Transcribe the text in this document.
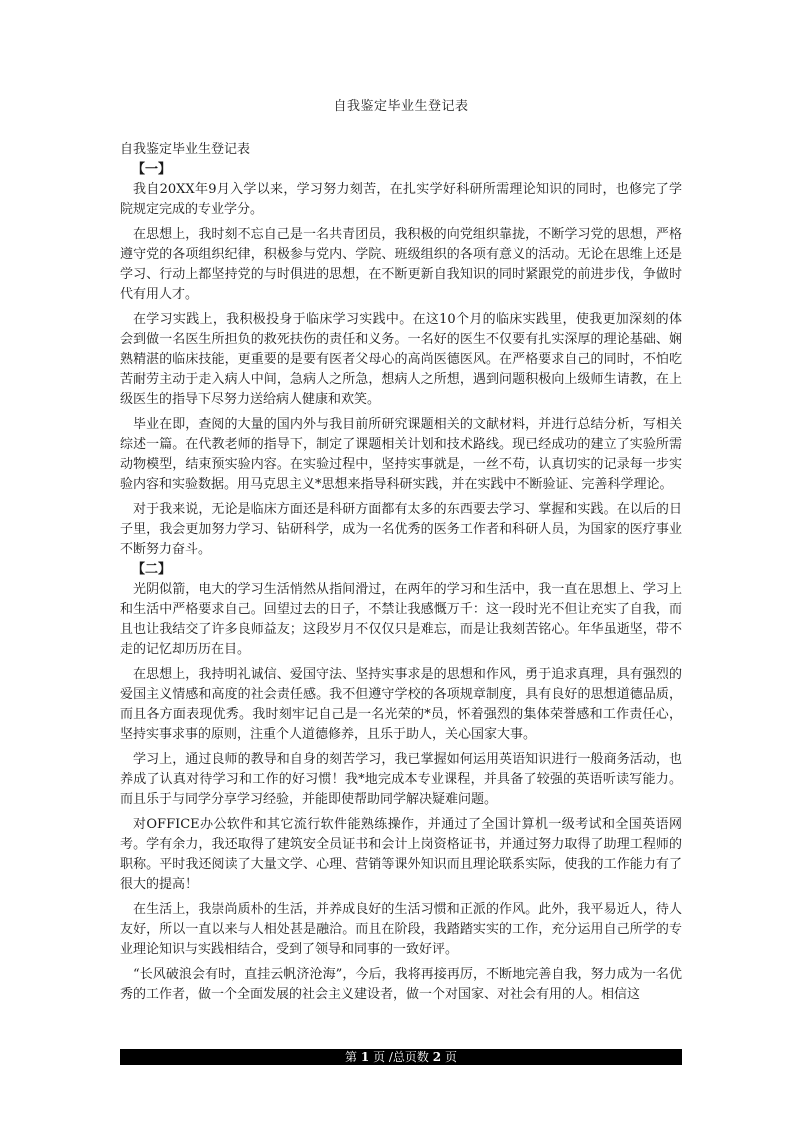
自我鉴定毕业生登记表

自我鉴定毕业生登记表

【一】

我自20XX年9月入学以来，学习努力刻苦，在扎实学好科研所需理论知识的同时，也修完了学院规定完成的专业学分。

在思想上，我时刻不忘自己是一名共青团员，我积极的向党组织靠拢，不断学习党的思想，严格遵守党的各项组织纪律，积极参与党内、学院、班级组织的各项有意义的活动。无论在思维上还是学习、行动上都坚持党的与时俱进的思想，在不断更新自我知识的同时紧跟党的前进步伐，争做时代有用人才。

在学习实践上，我积极投身于临床学习实践中。在这10个月的临床实践里，使我更加深刻的体会到做一名医生所担负的救死扶伤的责任和义务。一名好的医生不仅要有扎实深厚的理论基础、娴熟精湛的临床技能，更重要的是要有医者父母心的高尚医德医风。在严格要求自己的同时，不怕吃苦耐劳主动于走入病人中间，急病人之所急，想病人之所想，遇到问题积极向上级师生请教，在上级医生的指导下尽努力送给病人健康和欢笑。

毕业在即，查阅的大量的国内外与我目前所研究课题相关的文献材料，并进行总结分析，写相关综述一篇。在代教老师的指导下，制定了课题相关计划和技术路线。现已经成功的建立了实验所需动物模型，结束预实验内容。在实验过程中，坚持实事就是，一丝不苟，认真切实的记录每一步实验内容和实验数据。用马克思主义*思想来指导科研实践，并在实践中不断验证、完善科学理论。

对于我来说，无论是临床方面还是科研方面都有太多的东西要去学习、掌握和实践。在以后的日子里，我会更加努力学习、钻研科学，成为一名优秀的医务工作者和科研人员，为国家的医疗事业不断努力奋斗。

【二】

光阴似箭，电大的学习生活悄然从指间滑过，在两年的学习和生活中，我一直在思想上、学习上和生活中严格要求自己。回望过去的日子，不禁让我感慨万千：这一段时光不但让充实了自我，而且也让我结交了许多良师益友；这段岁月不仅仅只是难忘，而是让我刻苦铭心。年华虽逝坚，带不走的记忆却历历在目。

在思想上，我持明礼诚信、爱国守法、坚持实事求是的思想和作风，勇于追求真理，具有强烈的爱国主义情感和高度的社会责任感。我不但遵守学校的各项规章制度，具有良好的思想道德品质，而且各方面表现优秀。我时刻牢记自己是一名光荣的*员，怀着强烈的集体荣誉感和工作责任心，坚持实事求事的原则，注重个人道德修养，且乐于助人，关心国家大事。

学习上，通过良师的教导和自身的刻苦学习，我已掌握如何运用英语知识进行一般商务活动，也养成了认真对待学习和工作的好习惯！我*地完成本专业课程，并具备了较强的英语听读写能力。而且乐于与同学分享学习经验，并能即使帮助同学解决疑难问题。

对OFFICE办公软件和其它流行软件能熟练操作，并通过了全国计算机一级考试和全国英语网考。学有余力，我还取得了建筑安全员证书和会计上岗资格证书，并通过努力取得了助理工程师的职称。平时我还阅读了大量文学、心理、营销等课外知识而且理论联系实际，使我的工作能力有了很大的提高！

在生活上，我崇尚质朴的生活，并养成良好的生活习惯和正派的作风。此外，我平易近人，待人友好，所以一直以来与人相处甚是融洽。而且在阶段，我踏踏实实的工作，充分运用自己所学的专业理论知识与实践相结合，受到了领导和同事的一致好评。

“长风破浪会有时，直挂云帆济沧海”，今后，我将再接再厉，不断地完善自我，努力成为一名优秀的工作者，做一个全面发展的社会主义建设者，做一个对国家、对社会有用的人。相信这

第 1 页 /总页数 2 页
